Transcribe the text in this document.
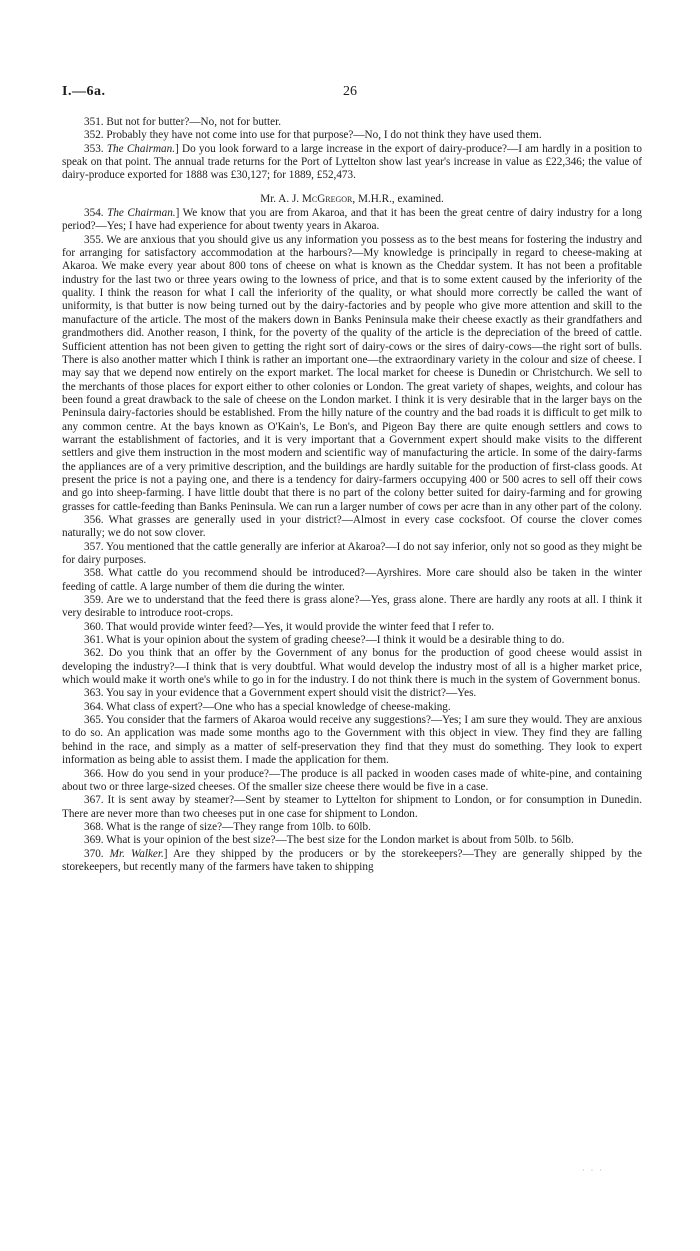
I.—6a.	26

351. But not for butter?—No, not for butter.

352. Probably they have not come into use for that purpose?—No, I do not think they have used them.

353. The Chairman.] Do you look forward to a large increase in the export of dairy-produce?—I am hardly in a position to speak on that point. The annual trade returns for the Port of Lyttelton show last year's increase in value as £22,346; the value of dairy-produce exported for 1888 was £30,127; for 1889, £52,473.

Mr. A. J. McGregor, M.H.R., examined.

354. The Chairman.] We know that you are from Akaroa, and that it has been the great centre of dairy industry for a long period?—Yes; I have had experience for about twenty years in Akaroa.

355. We are anxious that you should give us any information you possess as to the best means for fostering the industry and for arranging for satisfactory accommodation at the harbours?—My knowledge is principally in regard to cheese-making at Akaroa. We make every year about 800 tons of cheese on what is known as the Cheddar system. It has not been a profitable industry for the last two or three years owing to the lowness of price, and that is to some extent caused by the inferiority of the quality. I think the reason for what I call the inferiority of the quality, or what should more correctly be called the want of uniformity, is that butter is now being turned out by the dairy-factories and by people who give more attention and skill to the manufacture of the article. The most of the makers down in Banks Peninsula make their cheese exactly as their grandfathers and grandmothers did. Another reason, I think, for the poverty of the quality of the article is the depreciation of the breed of cattle. Sufficient attention has not been given to getting the right sort of dairy-cows or the sires of dairy-cows—the right sort of bulls. There is also another matter which I think is rather an important one—the extraordinary variety in the colour and size of cheese. I may say that we depend now entirely on the export market. The local market for cheese is Dunedin or Christchurch. We sell to the merchants of those places for export either to other colonies or London. The great variety of shapes, weights, and colour has been found a great drawback to the sale of cheese on the London market. I think it is very desirable that in the larger bays on the Peninsula dairy-factories should be established. From the hilly nature of the country and the bad roads it is difficult to get milk to any common centre. At the bays known as O'Kain's, Le Bon's, and Pigeon Bay there are quite enough settlers and cows to warrant the establishment of factories, and it is very important that a Government expert should make visits to the different settlers and give them instruction in the most modern and scientific way of manufacturing the article. In some of the dairy-farms the appliances are of a very primitive description, and the buildings are hardly suitable for the production of first-class goods. At present the price is not a paying one, and there is a tendency for dairy-farmers occupying 400 or 500 acres to sell off their cows and go into sheep-farming. I have little doubt that there is no part of the colony better suited for dairy-farming and for growing grasses for cattle-feeding than Banks Peninsula. We can run a larger number of cows per acre than in any other part of the colony.

356. What grasses are generally used in your district?—Almost in every case cocksfoot. Of course the clover comes naturally; we do not sow clover.

357. You mentioned that the cattle generally are inferior at Akaroa?—I do not say inferior, only not so good as they might be for dairy purposes.

358. What cattle do you recommend should be introduced?—Ayrshires. More care should also be taken in the winter feeding of cattle. A large number of them die during the winter.

359. Are we to understand that the feed there is grass alone?—Yes, grass alone. There are hardly any roots at all. I think it very desirable to introduce root-crops.

360. That would provide winter feed?—Yes, it would provide the winter feed that I refer to.

361. What is your opinion about the system of grading cheese?—I think it would be a desirable thing to do.

362. Do you think that an offer by the Government of any bonus for the production of good cheese would assist in developing the industry?—I think that is very doubtful. What would develop the industry most of all is a higher market price, which would make it worth one's while to go in for the industry. I do not think there is much in the system of Government bonus.

363. You say in your evidence that a Government expert should visit the district?—Yes.

364. What class of expert?—One who has a special knowledge of cheese-making.

365. You consider that the farmers of Akaroa would receive any suggestions?—Yes; I am sure they would. They are anxious to do so. An application was made some months ago to the Government with this object in view. They find they are falling behind in the race, and simply as a matter of self-preservation they find that they must do something. They look to expert information as being able to assist them. I made the application for them.

366. How do you send in your produce?—The produce is all packed in wooden cases made of white-pine, and containing about two or three large-sized cheeses. Of the smaller size cheese there would be five in a case.

367. It is sent away by steamer?—Sent by steamer to Lyttelton for shipment to London, or for consumption in Dunedin. There are never more than two cheeses put in one case for shipment to London.

368. What is the range of size?—They range from 10lb. to 60lb.

369. What is your opinion of the best size?—The best size for the London market is about from 50lb. to 56lb.

370. Mr. Walker.] Are they shipped by the producers or by the storekeepers?—They are generally shipped by the storekeepers, but recently many of the farmers have taken to shipping

· · ·
